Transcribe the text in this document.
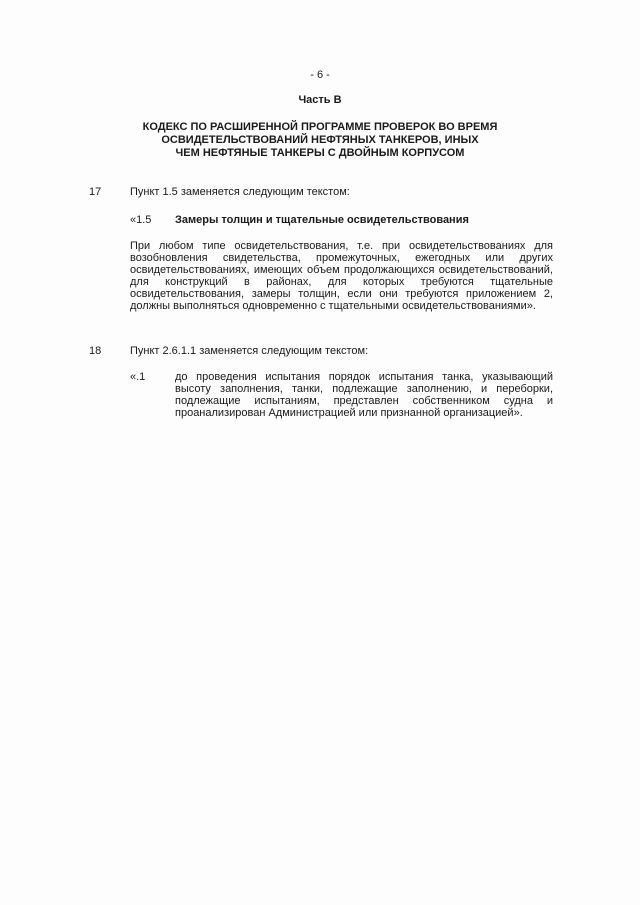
- 6 -
Часть B
КОДЕКС ПО РАСШИРЕННОЙ ПРОГРАММЕ ПРОВЕРОК ВО ВРЕМЯ
ОСВИДЕТЕЛЬСТВОВАНИЙ НЕФТЯНЫХ ТАНКЕРОВ, ИНЫХ
ЧЕМ НЕФТЯНЫЕ ТАНКЕРЫ С ДВОЙНЫМ КОРПУСОМ
17	Пункт 1.5 заменяется следующим текстом:
«1.5 Замеры толщин и тщательные освидетельствования
При любом типе освидетельствования, т.е. при освидетельствованиях для возобновления свидетельства, промежуточных, ежегодных или других освидетельствованиях, имеющих объем продолжающихся освидетельствований, для конструкций в районах, для которых требуются тщательные освидетельствования, замеры толщин, если они требуются приложением 2, должны выполняться одновременно с тщательными освидетельствованиями».
18	Пункт 2.6.1.1 заменяется следующим текстом:
«.1	до проведения испытания порядок испытания танка, указывающий высоту заполнения, танки, подлежащие заполнению, и переборки, подлежащие испытаниям, представлен собственником судна и проанализирован Администрацией или признанной организацией».
